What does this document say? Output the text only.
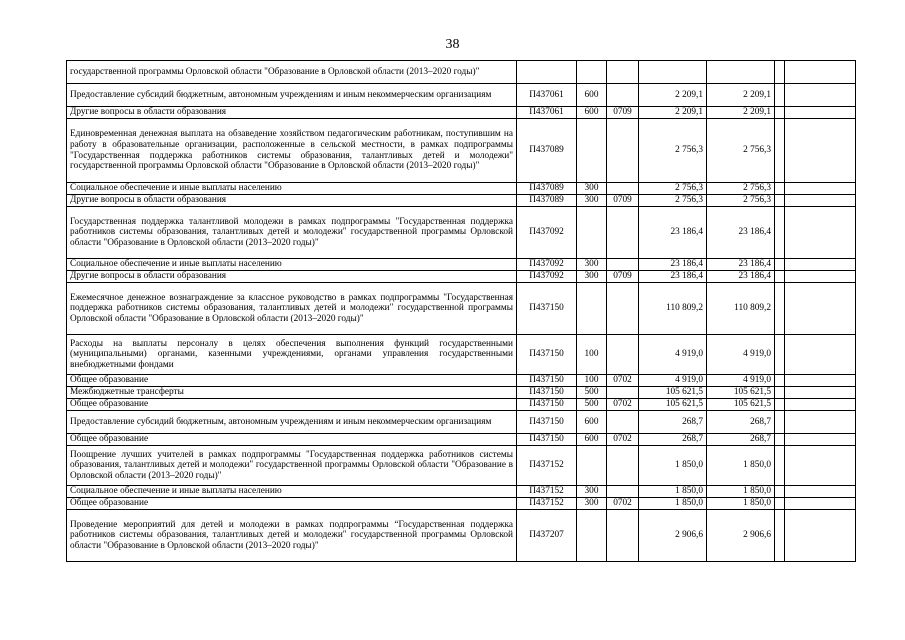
38
государственной программы Орловской области "Образование в Орловской области (2013–2020 годы)"							
Предоставление субсидий бюджетным, автономным учреждениям и иным некоммерческим организациям	П437061	600		2 209,1	2 209,1		
Другие вопросы в области образования	П437061	600	0709	2 209,1	2 209,1		
Единовременная денежная выплата на обзаведение хозяйством педагогическим работникам, поступившим на работу в образовательные организации, расположенные в сельской местности, в рамках подпрограммы "Государственная поддержка работников системы образования, талантливых детей и молодежи" государственной программы Орловской области "Образование в Орловской области (2013–2020 годы)"	П437089			2 756,3	2 756,3		
Социальное обеспечение и иные выплаты населению	П437089	300		2 756,3	2 756,3		
Другие вопросы в области образования	П437089	300	0709	2 756,3	2 756,3		
Государственная поддержка талантливой молодежи в рамках подпрограммы "Государственная поддержка работников системы образования, талантливых детей и молодежи" государственной программы Орловской области "Образование в Орловской области (2013–2020 годы)"	П437092			23 186,4	23 186,4		
Социальное обеспечение и иные выплаты населению	П437092	300		23 186,4	23 186,4		
Другие вопросы в области образования	П437092	300	0709	23 186,4	23 186,4		
Ежемесячное денежное вознаграждение за классное руководство в рамках подпрограммы "Государственная поддержка работников системы образования, талантливых детей и молодежи" государственной программы Орловской области "Образование в Орловской области (2013–2020 годы)"	П437150			110 809,2	110 809,2		
Расходы на выплаты персоналу в целях обеспечения выполнения функций государственными (муниципальными) органами, казенными учреждениями, органами управления государственными внебюджетными фондами	П437150	100		4 919,0	4 919,0		
Общее образование	П437150	100	0702	4 919,0	4 919,0		
Межбюджетные трансферты	П437150	500		105 621,5	105 621,5		
Общее образование	П437150	500	0702	105 621,5	105 621,5		
Предоставление субсидий бюджетным, автономным учреждениям и иным некоммерческим организациям	П437150	600		268,7	268,7		
Общее образование	П437150	600	0702	268,7	268,7		
Поощрение лучших учителей в рамках подпрограммы "Государственная поддержка работников системы образования, талантливых детей и молодежи" государственной программы Орловской области "Образование в Орловской области (2013–2020 годы)"	П437152			1 850,0	1 850,0		
Социальное обеспечение и иные выплаты населению	П437152	300		1 850,0	1 850,0		
Общее образование	П437152	300	0702	1 850,0	1 850,0		
Проведение мероприятий для детей и молодежи в рамках подпрограммы “Государственная поддержка работников системы образования, талантливых детей и молодежи" государственной программы Орловской области "Образование в Орловской области (2013–2020 годы)"	П437207			2 906,6	2 906,6		
